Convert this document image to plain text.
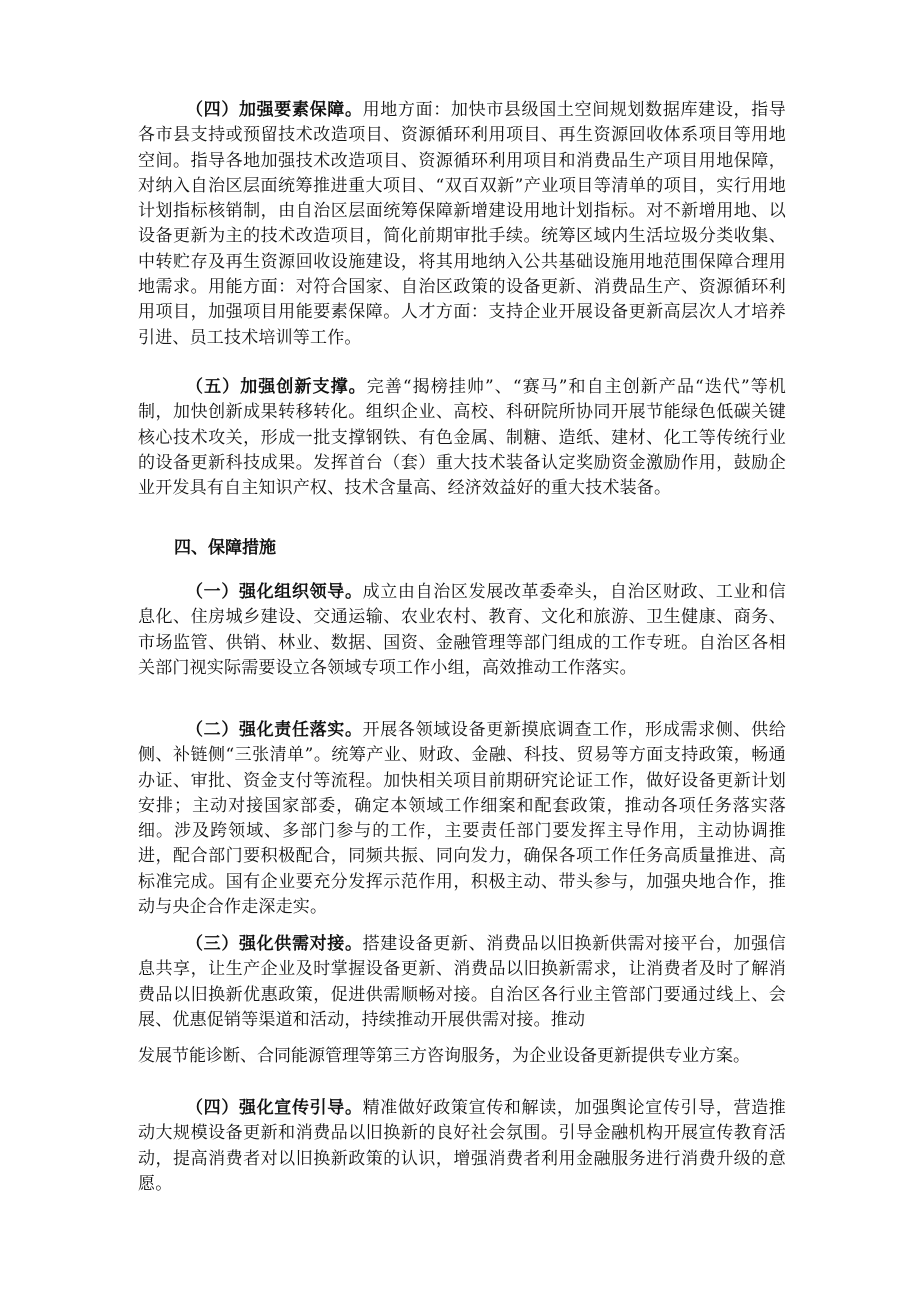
（四）加强要素保障。用地方面：加快市县级国土空间规划数据库建设，指导各市县支持或预留技术改造项目、资源循环利用项目、再生资源回收体系项目等用地空间。指导各地加强技术改造项目、资源循环利用项目和消费品生产项目用地保障，对纳入自治区层面统筹推进重大项目、“双百双新”产业项目等清单的项目，实行用地计划指标核销制，由自治区层面统筹保障新增建设用地计划指标。对不新增用地、以设备更新为主的技术改造项目，简化前期审批手续。统筹区域内生活垃圾分类收集、中转贮存及再生资源回收设施建设，将其用地纳入公共基础设施用地范围保障合理用地需求。用能方面：对符合国家、自治区政策的设备更新、消费品生产、资源循环利用项目，加强项目用能要素保障。人才方面：支持企业开展设备更新高层次人才培养引进、员工技术培训等工作。

（五）加强创新支撑。完善“揭榜挂帅”、“赛马”和自主创新产品“迭代”等机制，加快创新成果转移转化。组织企业、高校、科研院所协同开展节能绿色低碳关键核心技术攻关，形成一批支撑钢铁、有色金属、制糖、造纸、建材、化工等传统行业的设备更新科技成果。发挥首台（套）重大技术装备认定奖励资金激励作用，鼓励企业开发具有自主知识产权、技术含量高、经济效益好的重大技术装备。

四、保障措施

（一）强化组织领导。成立由自治区发展改革委牵头，自治区财政、工业和信息化、住房城乡建设、交通运输、农业农村、教育、文化和旅游、卫生健康、商务、市场监管、供销、林业、数据、国资、金融管理等部门组成的工作专班。自治区各相关部门视实际需要设立各领域专项工作小组，高效推动工作落实。

（二）强化责任落实。开展各领域设备更新摸底调查工作，形成需求侧、供给侧、补链侧“三张清单”。统筹产业、财政、金融、科技、贸易等方面支持政策，畅通办证、审批、资金支付等流程。加快相关项目前期研究论证工作，做好设备更新计划安排；主动对接国家部委，确定本领域工作细案和配套政策，推动各项任务落实落细。涉及跨领域、多部门参与的工作，主要责任部门要发挥主导作用，主动协调推进，配合部门要积极配合，同频共振、同向发力，确保各项工作任务高质量推进、高标准完成。国有企业要充分发挥示范作用，积极主动、带头参与，加强央地合作，推动与央企合作走深走实。

（三）强化供需对接。搭建设备更新、消费品以旧换新供需对接平台，加强信息共享，让生产企业及时掌握设备更新、消费品以旧换新需求，让消费者及时了解消费品以旧换新优惠政策，促进供需顺畅对接。自治区各行业主管部门要通过线上、会展、优惠促销等渠道和活动，持续推动开展供需对接。推动

发展节能诊断、合同能源管理等第三方咨询服务，为企业设备更新提供专业方案。

（四）强化宣传引导。精准做好政策宣传和解读，加强舆论宣传引导，营造推动大规模设备更新和消费品以旧换新的良好社会氛围。引导金融机构开展宣传教育活动，提高消费者对以旧换新政策的认识，增强消费者利用金融服务进行消费升级的意愿。
